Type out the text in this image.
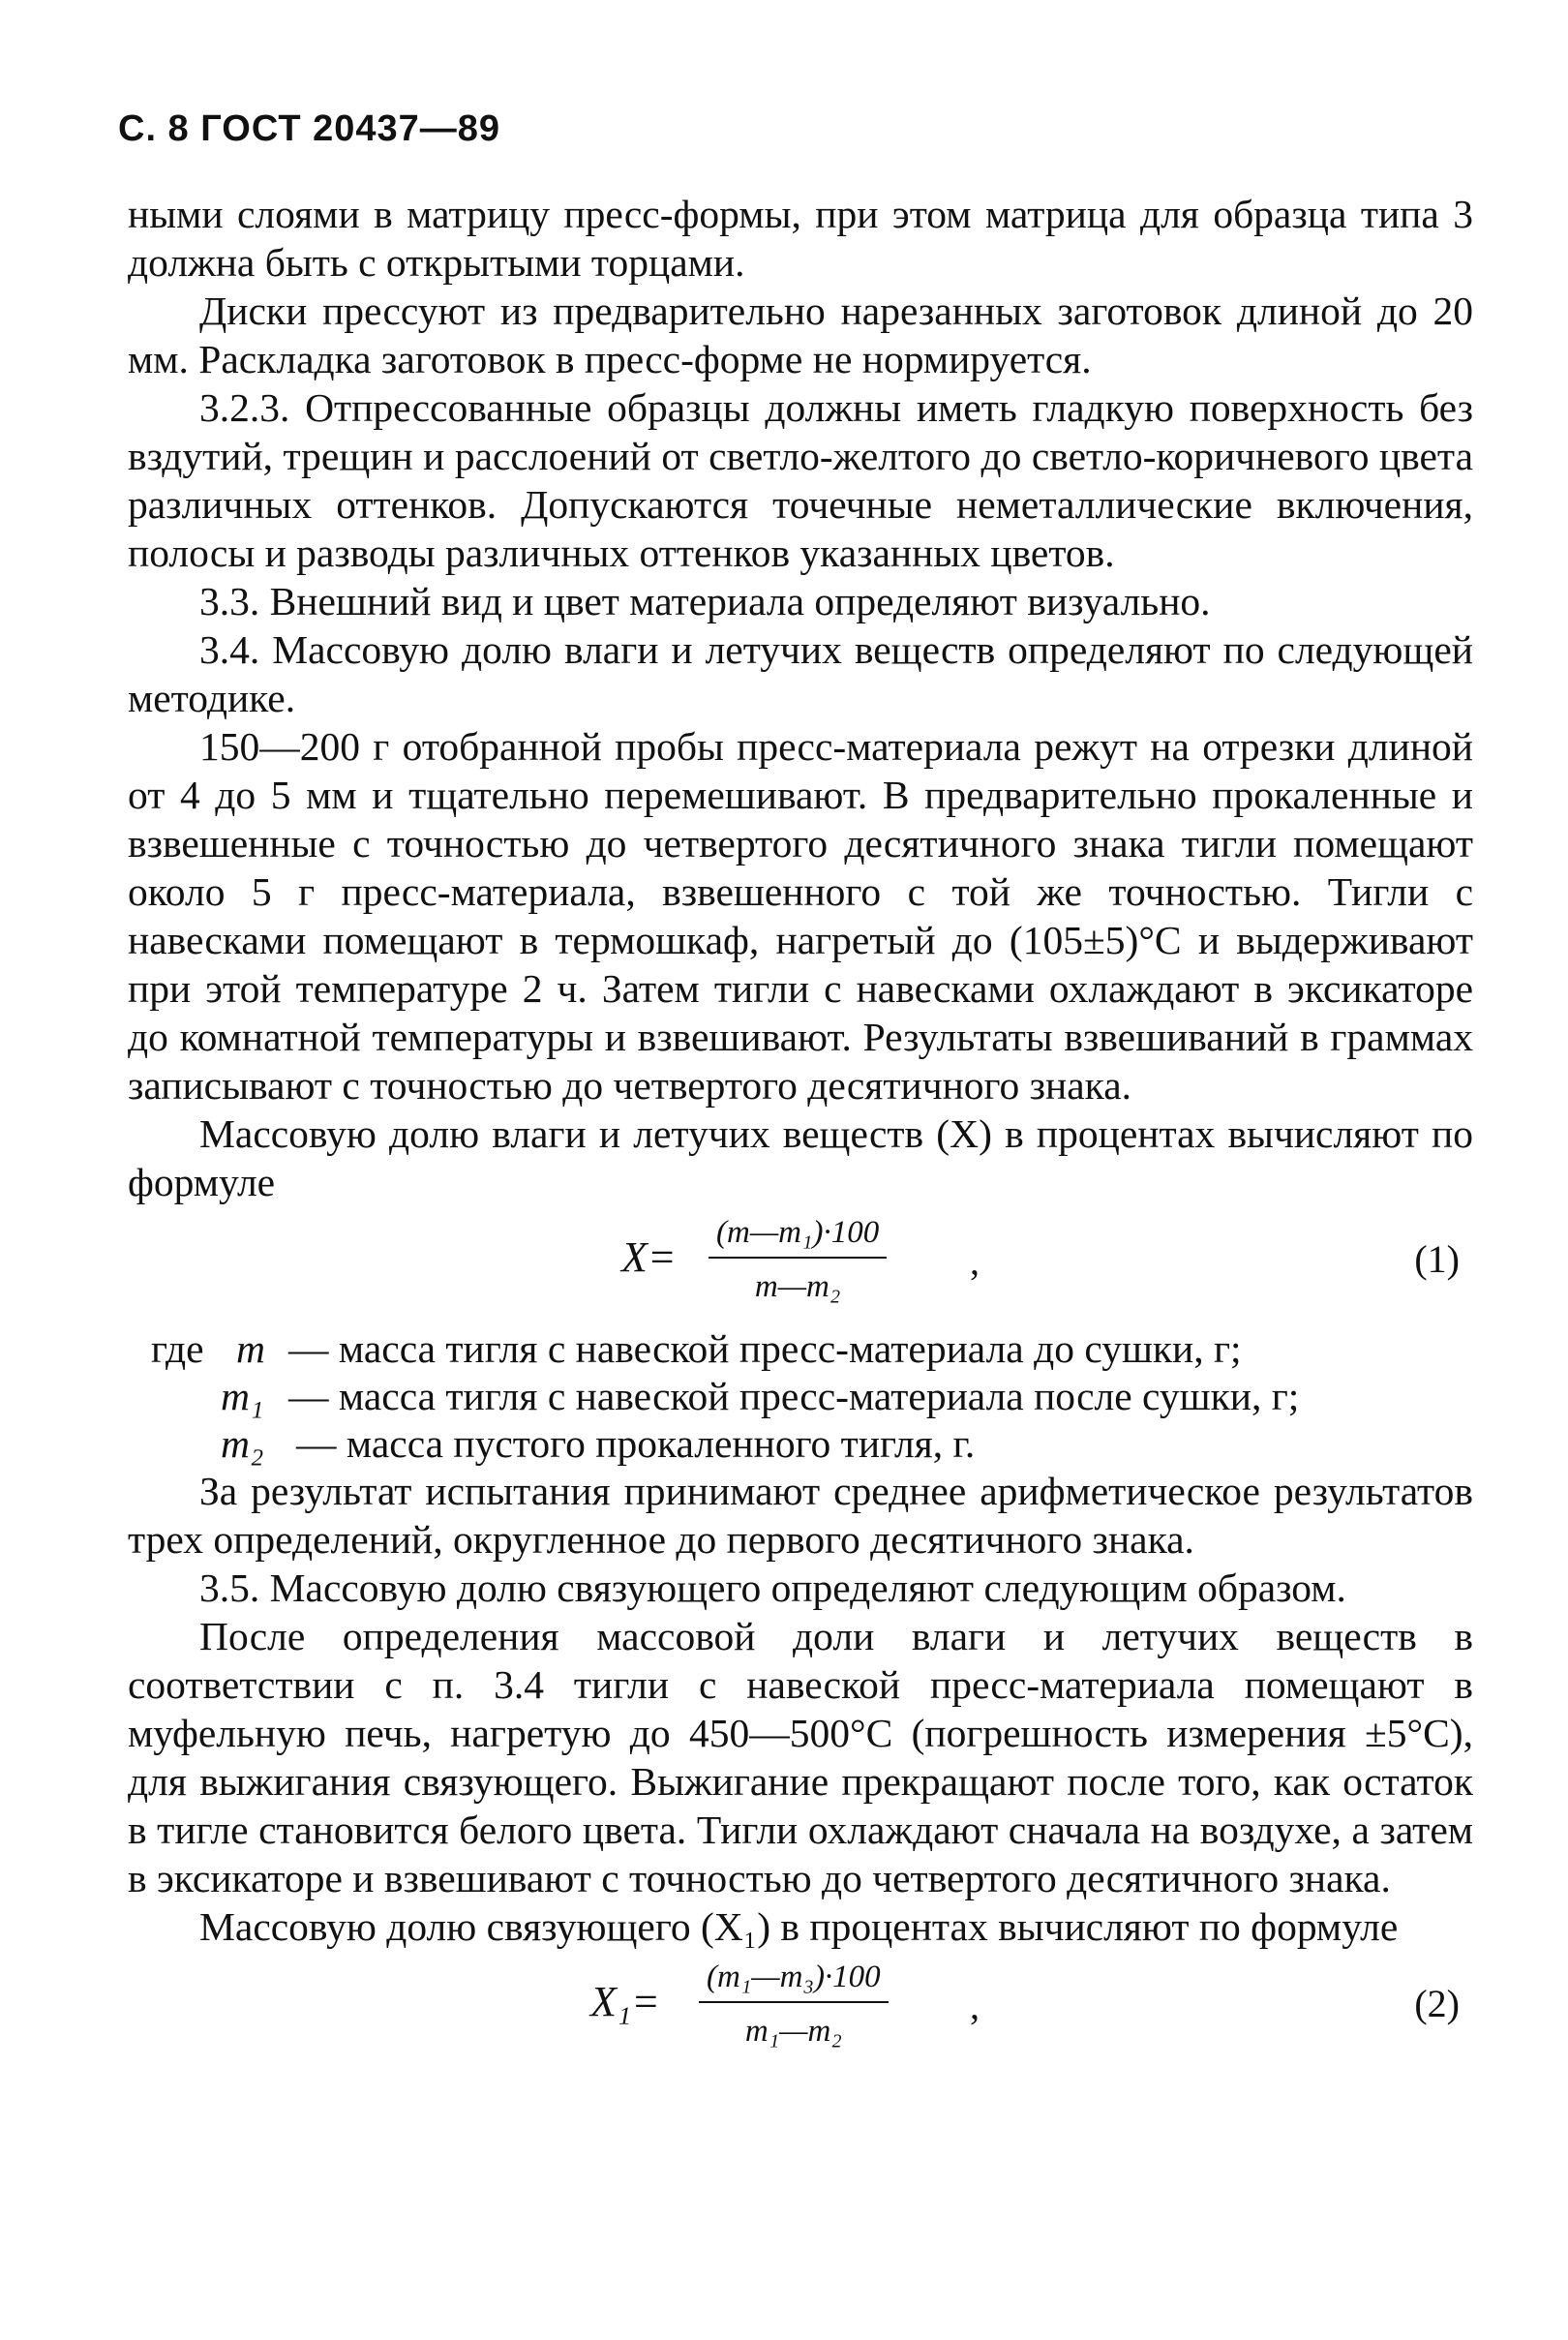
С. 8 ГОСТ 20437—89

ными слоями в матрицу пресс-формы, при этом матрица для образца типа 3 должна быть с открытыми торцами.

Диски прессуют из предварительно нарезанных заготовок длиной до 20 мм. Раскладка заготовок в пресс-форме не нормируется.

3.2.3. Отпрессованные образцы должны иметь гладкую поверхность без вздутий, трещин и расслоений от светло-желтого до светло-коричневого цвета различных оттенков. Допускаются точечные неметаллические включения, полосы и разводы различных оттенков указанных цветов.

3.3. Внешний вид и цвет материала определяют визуально.

3.4. Массовую долю влаги и летучих веществ определяют по следующей методике.

150—200 г отобранной пробы пресс-материала режут на отрезки длиной от 4 до 5 мм и тщательно перемешивают. В предварительно прокаленные и взвешенные с точностью до четвертого десятичного знака тигли помещают около 5 г пресс-материала, взвешенного с той же точностью. Тигли с навесками помещают в термошкаф, нагретый до (105±5)°С и выдерживают при этой температуре 2 ч. Затем тигли с навесками охлаждают в эксикаторе до комнатной температуры и взвешивают. Результаты взвешиваний в граммах записывают с точностью до четвертого десятичного знака.

Массовую долю влаги и летучих веществ (X) в процентах вычисляют по формуле

$X= \frac{\text{(m—m₁)·100}}{\text{m—m₂}}$ ,	(1)
где m — масса тигля с навеской пресс-материала до сушки, г;
m₁ — масса тигля с навеской пресс-материала после сушки, г;
m₂ — масса пустого прокаленного тигля, г.

За результат испытания принимают среднее арифметическое результатов трех определений, округленное до первого десятичного знака.

3.5. Массовую долю связующего определяют следующим образом.

После определения массовой доли влаги и летучих веществ в соответствии с п. 3.4 тигли с навеской пресс-материала помещают в муфельную печь, нагретую до 450—500°С (погрешность измерения ±5°С), для выжигания связующего. Выжигание прекращают после того, как остаток в тигле становится белого цвета. Тигли охлаждают сначала на воздухе, а затем в эксикаторе и взвешивают с точностью до четвертого десятичного знака.

Массовую долю связующего (X₁) в процентах вычисляют по формуле

$X_1= \frac{\text{(m₁—m₃)·100}}{\text{m₁—m₂}}$ ,	(2)
